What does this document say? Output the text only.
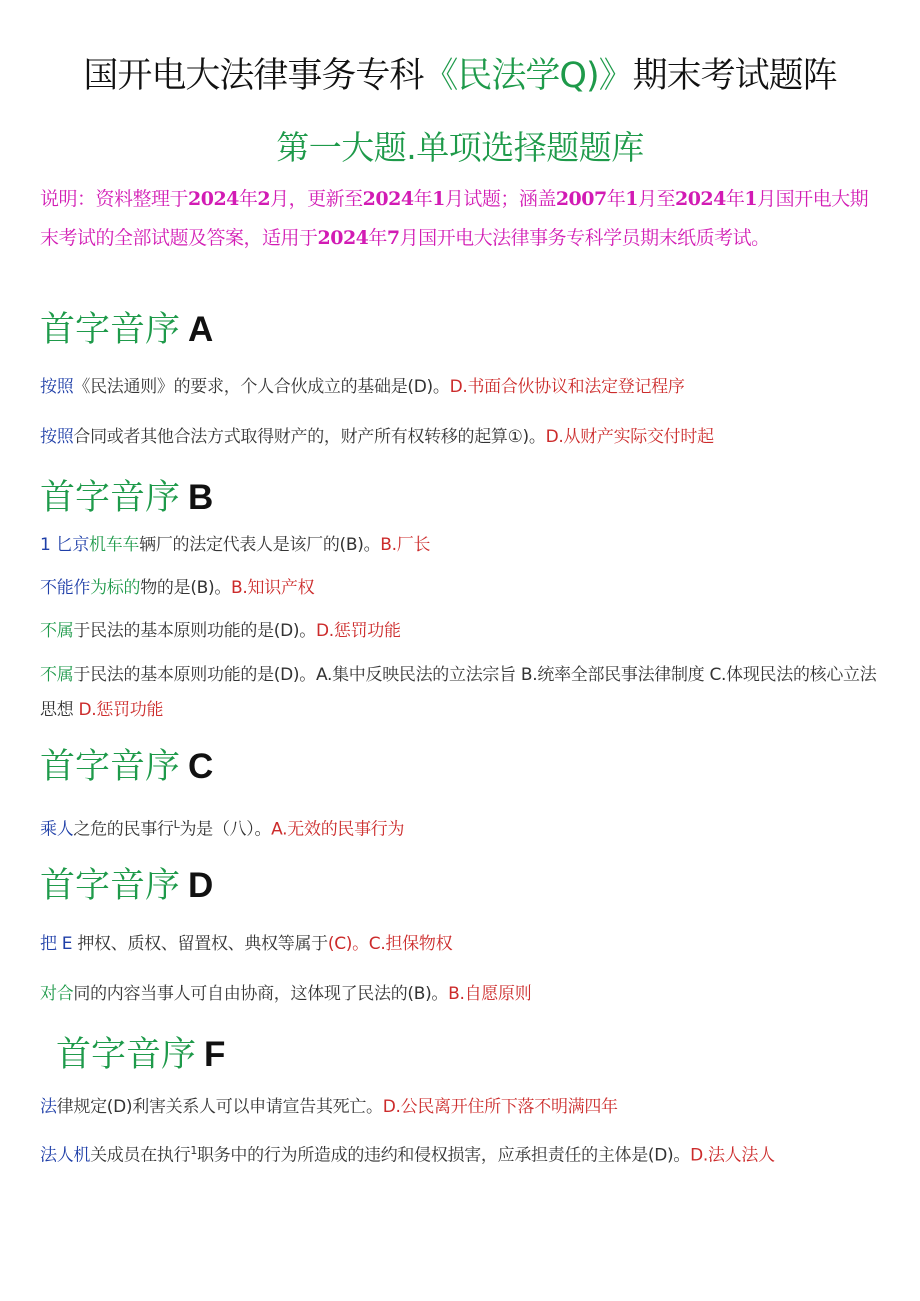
国开电大法律事务专科《民法学Q)》期末考试题阵
第一大题.单项选择题题库
说明：资料整理于2024年2月，更新至2024年1月试题；涵盖2007年1月至2024年1月国开电大期末考试的全部试题及答案，适用于2024年7月国开电大法律事务专科学员期末纸质考试。
首字音序 A
按照《民法通则》的要求，个人合伙成立的基础是(D)。D.书面合伙协议和法定登记程序
按照合同或者其他合法方式取得财产的，财产所有权转移的起算①)。D.从财产实际交付时起
首字音序 B
1 匕京机车车辆厂的法定代表人是该厂的(B)。B.厂长
不能作为标的物的是(B)。B.知识产权
不属于民法的基本原则功能的是(D)。D.惩罚功能
不属于民法的基本原则功能的是(D)。A.集中反映民法的立法宗旨 B.统率全部民事法律制度 C.体现民法的核心立法思想 D.惩罚功能
首字音序 C
乘人之危的民事行$^L$为是（八）。A.无效的民事行为
首字音序 D
把 E 押权、质权、留置权、典权等属于(C)。C.担保物权
对合同的内容当事人可自由协商，这体现了民法的(B)。B.自愿原则
首字音序 F
法律规定(D)利害关系人可以申请宣告其死亡。D.公民离开住所下落不明满四年
法人机关成员在执行$^1$职务中的行为所造成的违约和侵权损害，应承担责任的主体是(D)。D.法人法人
